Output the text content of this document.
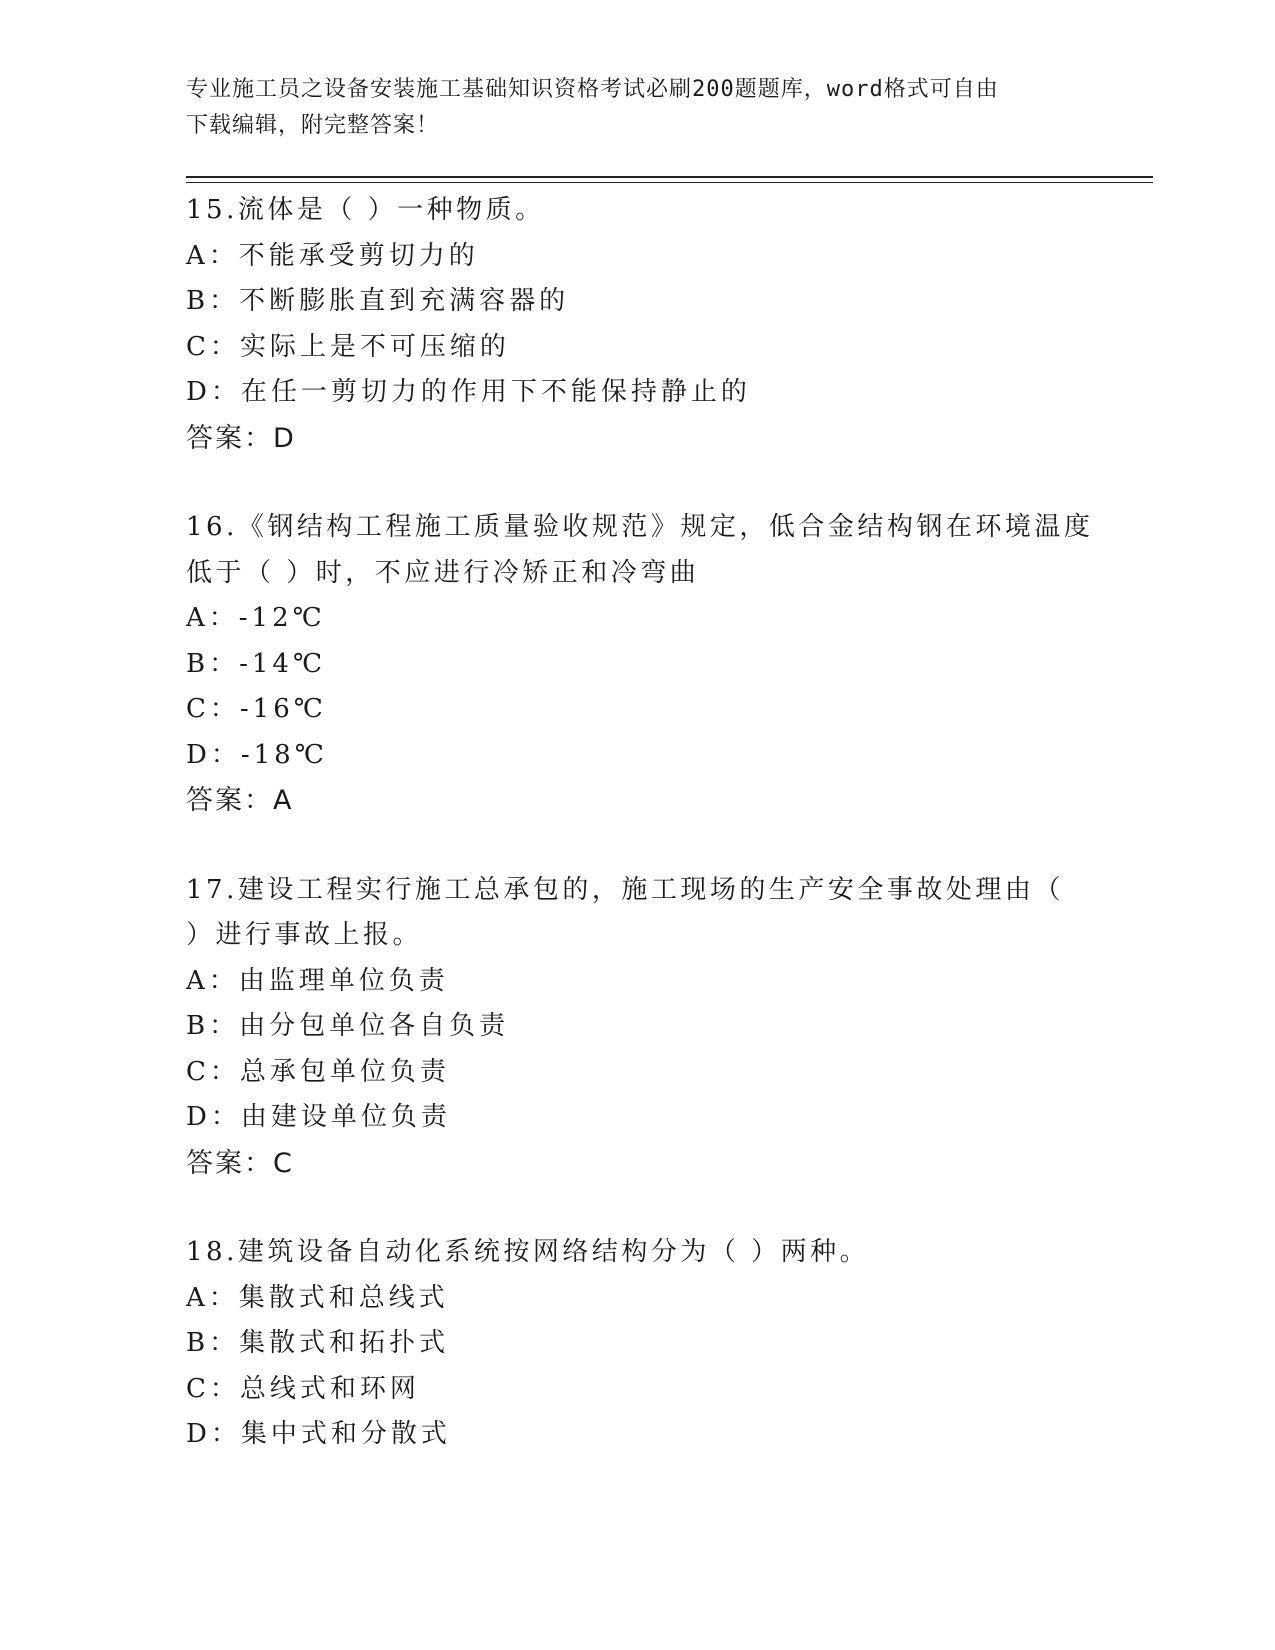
专业施工员之设备安装施工基础知识资格考试必刷200题题库，word格式可自由
下载编辑，附完整答案！
15.流体是（ ）一种物质。
A：不能承受剪切力的
B：不断膨胀直到充满容器的
C：实际上是不可压缩的
D：在任一剪切力的作用下不能保持静止的
答案：D
16.《钢结构工程施工质量验收规范》规定，低合金结构钢在环境温度
低于（ ）时，不应进行冷矫正和冷弯曲
A：-12℃
B：-14℃
C：-16℃
D：-18℃
答案：A
17.建设工程实行施工总承包的，施工现场的生产安全事故处理由（
）进行事故上报。
A：由监理单位负责
B：由分包单位各自负责
C：总承包单位负责
D：由建设单位负责
答案：C
18.建筑设备自动化系统按网络结构分为（ ）两种。
A：集散式和总线式
B：集散式和拓扑式
C：总线式和环网
D：集中式和分散式
